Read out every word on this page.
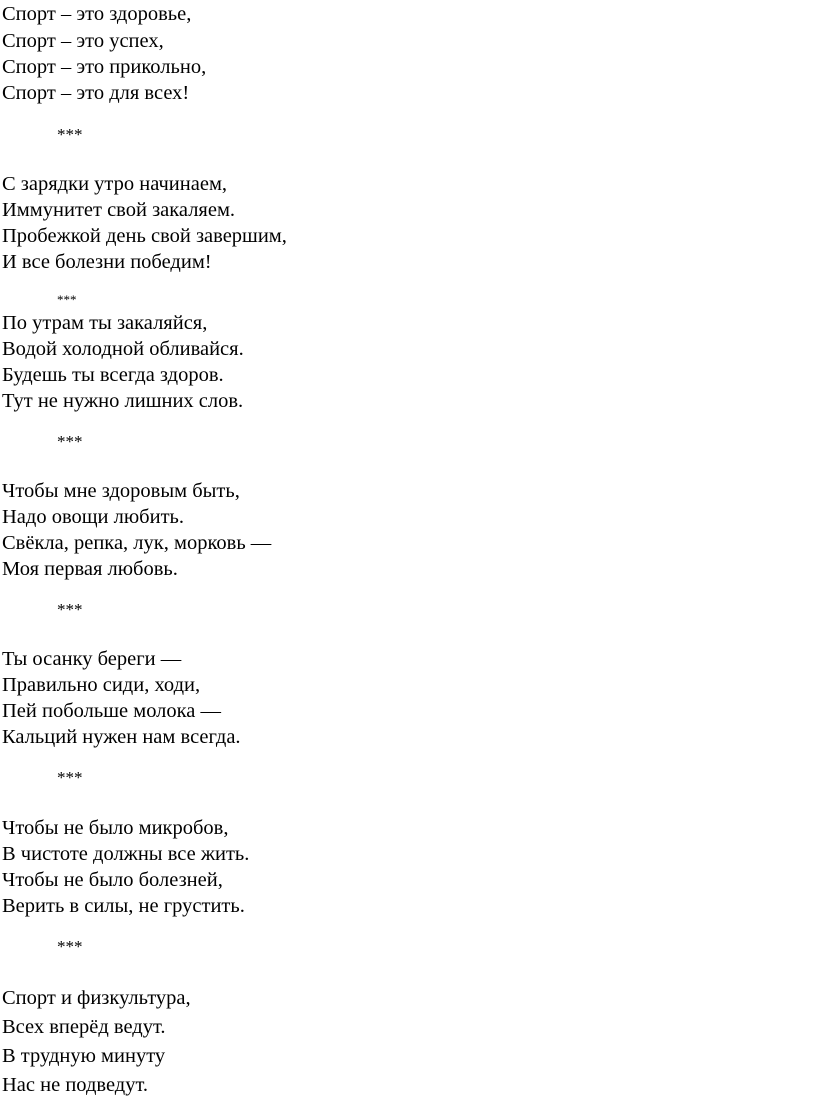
Спорт – это здоровье,
Спорт – это успех,
Спорт – это прикольно,
Спорт – это для всех!
***
С зарядки утро начинаем,
Иммунитет свой закаляем.
Пробежкой день свой завершим,
И все болезни победим!
***
По утрам ты закаляйся,
Водой холодной обливайся.
Будешь ты всегда здоров.
Тут не нужно лишних слов.
***
Чтобы мне здоровым быть,
Надо овощи любить.
Свёкла, репка, лук, морковь —
Моя первая любовь.
***
Ты осанку береги —
Правильно сиди, ходи,
Пей побольше молока —
Кальций нужен нам всегда.
***
Чтобы не было микробов,
В чистоте должны все жить.
Чтобы не было болезней,
Верить в силы, не грустить.
***
Спорт и физкультура,
Всех вперёд ведут.
В трудную минуту
Нас не подведут.
